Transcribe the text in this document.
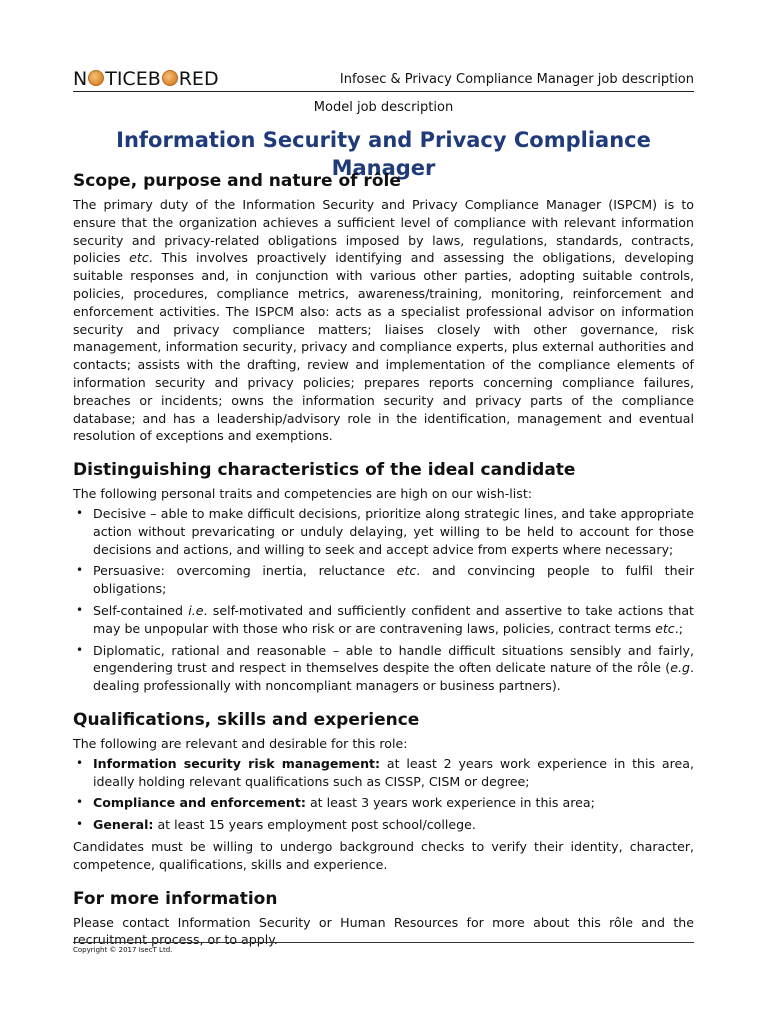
N TICEB RED	Infosec & Privacy Compliance Manager job description
Model job description
Information Security and Privacy Compliance Manager
Scope, purpose and nature of rôle

The primary duty of the Information Security and Privacy Compliance Manager (ISPCM) is to ensure that the organization achieves a sufficient level of compliance with relevant information security and privacy-related obligations imposed by laws, regulations, standards, contracts, policies etc. This involves proactively identifying and assessing the obligations, developing suitable responses and, in conjunction with various other parties, adopting suitable controls, policies, procedures, compliance metrics, awareness/training, monitoring, reinforcement and enforcement activities. The ISPCM also: acts as a specialist professional advisor on information security and privacy compliance matters; liaises closely with other governance, risk management, information security, privacy and compliance experts, plus external authorities and contacts; assists with the drafting, review and implementation of the compliance elements of information security and privacy policies; prepares reports concerning compliance failures, breaches or incidents; owns the information security and privacy parts of the compliance database; and has a leadership/advisory role in the identification, management and eventual resolution of exceptions and exemptions.

Distinguishing characteristics of the ideal candidate

The following personal traits and competencies are high on our wish-list:

• Decisive – able to make difficult decisions, prioritize along strategic lines, and take appropriate action without prevaricating or unduly delaying, yet willing to be held to account for those decisions and actions, and willing to seek and accept advice from experts where necessary;
• Persuasive: overcoming inertia, reluctance etc. and convincing people to fulfil their obligations;
• Self-contained i.e. self-motivated and sufficiently confident and assertive to take actions that may be unpopular with those who risk or are contravening laws, policies, contract terms etc.;
• Diplomatic, rational and reasonable – able to handle difficult situations sensibly and fairly, engendering trust and respect in themselves despite the often delicate nature of the rôle (e.g. dealing professionally with noncompliant managers or business partners).
Qualifications, skills and experience

The following are relevant and desirable for this role:

• Information security risk management: at least 2 years work experience in this area, ideally holding relevant qualifications such as CISSP, CISM or degree;
• Compliance and enforcement: at least 3 years work experience in this area;
• General: at least 15 years employment post school/college.

Candidates must be willing to undergo background checks to verify their identity, character, competence, qualifications, skills and experience.

For more information

Please contact Information Security or Human Resources for more about this rôle and the recruitment process, or to apply.

Copyright © 2017 IsecT Ltd.
